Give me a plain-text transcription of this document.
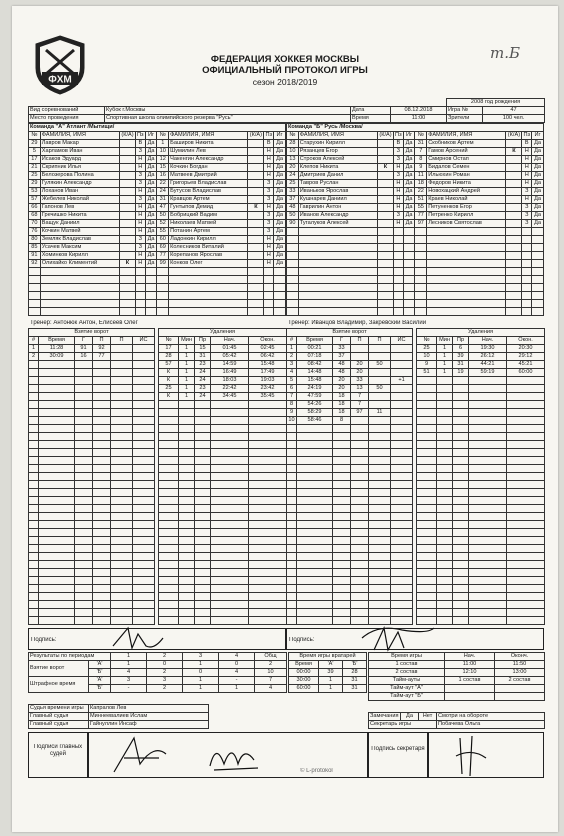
ФХМ
ФЕДЕРАЦИЯ ХОККЕЯ МОСКВЫ
ОФИЦИАЛЬНЫЙ ПРОТОКОЛ ИГРЫ
сезон 2018/2019
т.Б
				2008 год рождения	
Вид соревнований	Кубок г.Москвы	Дата	08.12.2018	Игра №	47
Место проведения	Спортивная школа олимпийского резерва "Русь"	Время	11:00	Зрители	100 чел.
Команда "А" Атлант /Мытищи/									
№	ФАМИЛИЯ, ИМЯ	(К/А)	Пз	Иг	№	ФАМИЛИЯ, ИМЯ	(К/А)	Пз	Иг
29	Лавров Макар		В	Да	1	Баширов Никита		В	Да
5	Харламов Иван		З	Да	10	Шумилин Лев		Н	Да
17	Исаков Эдуард		Н	Да	12	Чакенгин Александр		Н	Да
21	Скрипник Илья		Н	Да	15	Кочкин Богдан		Н	Да
25	Белозерова Полина		З	Да	16	Матвеев Дмитрий		Н	Да
29	Гулякин Александр		З	Да	22	Григорьев Владислав		З	Да
53	Лоханов Иван		Н	Да	24	Бутусов Владислав		З	Да
57	Жебелев Николай		З	Да	31	Кравцов Артем		З	Да
66	Гапонов Лев		Н	Да	47	Гунтыпов Демид	К	Н	Да
68	Гречишко Никита		Н	Да	50	Бобрицкий Вадим		З	Да
70	Ващук Даниил		Н	Да	52	Николаев Матвей		З	Да
76	Кочкин Матвей		Н	Да	55	Потанин Артем		З	Да
80	Земляк Владислав		З	Да	60	Ладонкин Кирилл		Н	Да
85	Усачев Максим		З	Да	69	Колесников Виталий		Н	Да
91	Хоминков Кирилл		Н	Да	77	Корепанов Ярослав		Н	Да
92	Олихайко Климентий	К	Н	Да	99	Конков Олег		Н	Да

Команда "Б" Русь /Москва/									
№	ФАМИЛИЯ, ИМЯ	(К/А)	Пз	Иг	№	ФАМИЛИЯ, ИМЯ	(К/А)	Пз	Иг
28	Старухин Кирилл		В	Да	31	Скобников Артем		В	Да
10	Рязанцев Егор		З	Да	7	Гамов Арсений	К	Н	Да
13	Строков Алексей		З	Да	8	Смирнов Остап		Н	Да
20	Клепов Никита	К	Н	Да	9	Бидалов Семен		Н	Да
24	Дмитриев Данил		З	Да	11	Ильюхин Роман		Н	Да
25	Тавров Руслан		Н	Да	18	Федоров Никита		Н	Да
33	Иваньков Ярослав		Н	Да	22	Новохацкий Андрей		З	Да
37	Кушнарев Даниил		Н	Да	51	Краев Николай		Н	Да
48	Гаврилин Антон		Н	Да	55	Петуненков Егор		З	Да
50	Иванов Александр		З	Да	77	Петренко Кирилл		З	Да
90	Тугалуков Алексей		Н	Да	97	Лесников Святослав		З	Да

Тренер: Антонюк Антон, Елисеев Олег	Тренер: Иванцов Владимир, Закревский Василий
Взятие ворот					
#	Время	Г	П	П	ИС
1	11:28	91	92		
2	30:09	16	77		

Удаления				
№	Мин	Пр	Нач.	Окон.
17	1	15	01:45	02:45
28	1	31	05:42	06:42
57	1	23	14:59	15:48
К	1	24	16:49	17:49
К	1	24	18:03	19:03
25	1	23	22:42	23:42
К	1	24	34:45	35:45

Взятие ворот					
#	Время	Г	П	П	ИС
1	00:21	33			
2	07:18	37			
3	08:42	48	20	50	
4	14:48	48	20		
5	15:48	20	33		+1
6	24:19	20	13	50	
7	47:59	18	7		
8	54:26	18	7		
9	58:29	18	97	11	
10	58:46	8			

Удаления				
№	Мин	Пр	Нач.	Окон.
25	1	6	19:30	20:30
10	1	39	26:12	29:12
9	1	31	44:21	45:21
51	1	19	59:19	60:00

Подпись:	Подпись:
Результаты по периодам		1	2	3	4	Общ
Взятие ворот	'А'	1	0	1	0	2
	'Б'	4	2	0	4	10
Штрафное время	'А'	3	3	1	-	7
	'Б'	-	2	1	1	4
Время игры вратарей		
Время	'А'	'Б'
00:00	39	28
30:00	1	31
60:00	1	31
Время игры	Нач.	Оконч.
1 состав	11:00	11:50
2 состав	12:10	13:00
Тайм-ауты	1 состав	2 состав
Тайм-аут "А"		
Тайм-аут "Б"		
Судья времени игры	Капралов Лев					
Главный судья	Миннеевалиев Ислам		Замечания	Да	Нет	Смотри на обороте
Главный судья	Гайнуллин Инсаф		Секретарь игры			Побачева Ольга
Подписи главных судей
Подпись секретаря
© L-protokol
